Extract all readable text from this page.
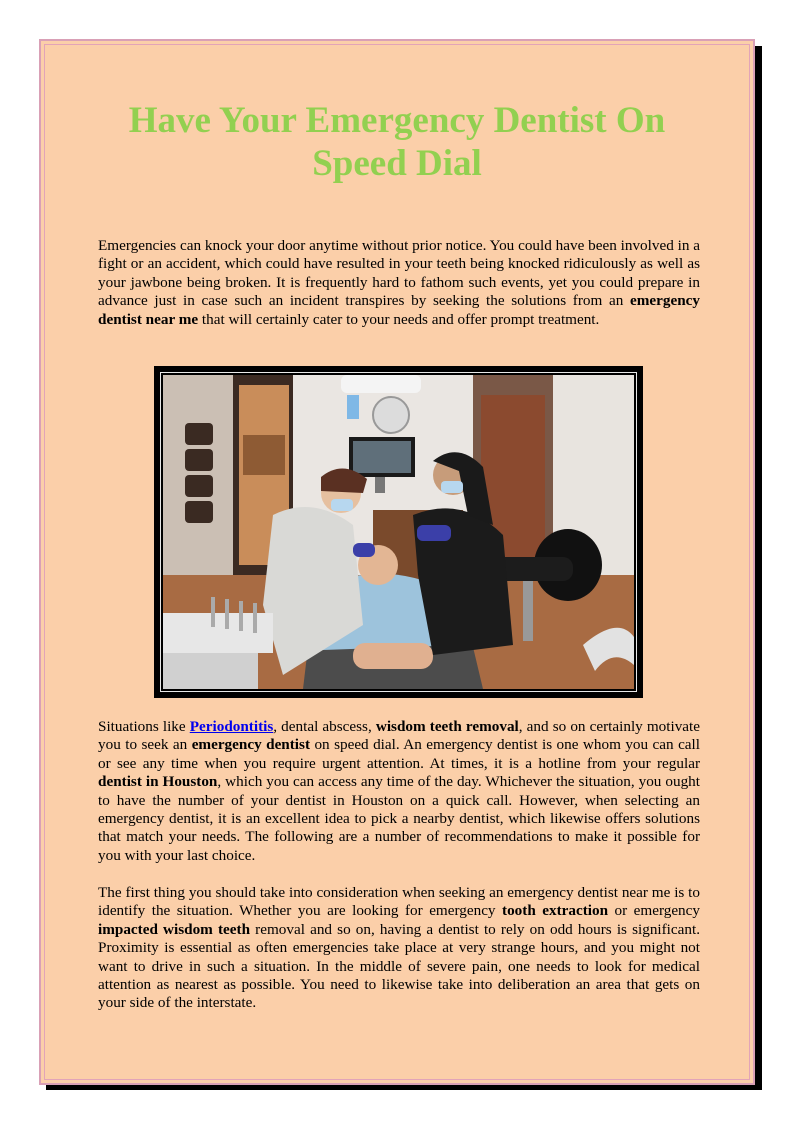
Have Your Emergency Dentist On Speed Dial

Emergencies can knock your door anytime without prior notice. You could have been involved in a fight or an accident, which could have resulted in your teeth being knocked ridiculously as well as your jawbone being broken. It is frequently hard to fathom such events, yet you could prepare in advance just in case such an incident transpires by seeking the solutions from an emergency dentist near me that will certainly cater to your needs and offer prompt treatment.

Situations like Periodontitis, dental abscess, wisdom teeth removal, and so on certainly motivate you to seek an emergency dentist on speed dial. An emergency dentist is one whom you can call or see any time when you require urgent attention. At times, it is a hotline from your regular dentist in Houston, which you can access any time of the day. Whichever the situation, you ought to have the number of your dentist in Houston on a quick call. However, when selecting an emergency dentist, it is an excellent idea to pick a nearby dentist, which likewise offers solutions that match your needs. The following are a number of recommendations to make it possible for you with your last choice.

The first thing you should take into consideration when seeking an emergency dentist near me is to identify the situation. Whether you are looking for emergency tooth extraction or emergency impacted wisdom teeth removal and so on, having a dentist to rely on odd hours is significant. Proximity is essential as often emergencies take place at very strange hours, and you might not want to drive in such a situation. In the middle of severe pain, one needs to look for medical attention as nearest as possible. You need to likewise take into deliberation an area that gets on your side of the interstate.
